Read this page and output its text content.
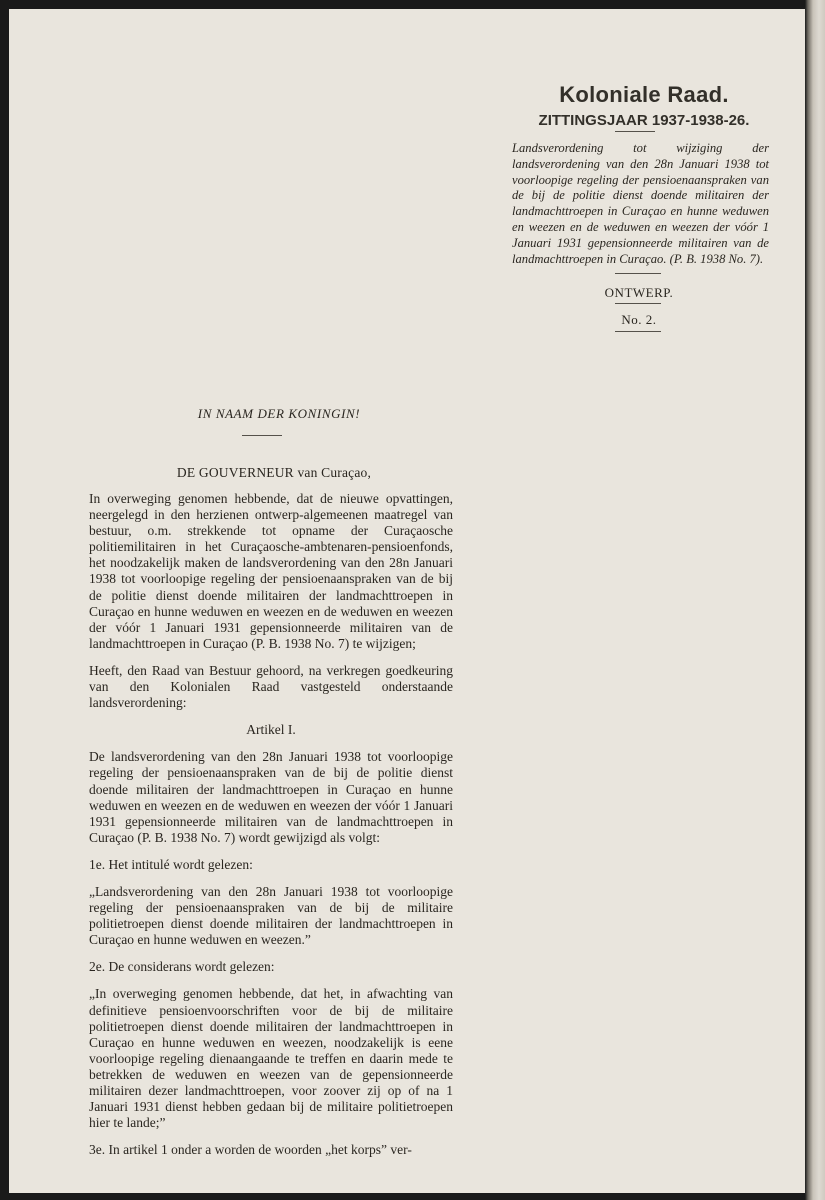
Koloniale Raad.
ZITTINGSJAAR 1937-1938-26.
Landsverordening tot wijziging der landsverordening van den 28n Januari 1938 tot voorloopige regeling der pensioenaanspraken van de bij de politie dienst doende militairen der landmachttroepen in Curaçao en hunne weduwen en weezen en de weduwen en weezen der vóór 1 Januari 1931 gepensionneerde militairen van de landmachttroepen in Curaçao. (P. B. 1938 No. 7).
ONTWERP.
No. 2.
IN NAAM DER KONINGIN!
DE GOUVERNEUR van Curaçao,

In overweging genomen hebbende, dat de nieuwe opvattingen, neergelegd in den herzienen ontwerp-algemeenen maatregel van bestuur, o.m. strekkende tot opname der Curaçaosche politiemilitairen in het Curaçaosche-ambtenaren-pensioenfonds, het noodzakelijk maken de landsverordening van den 28n Januari 1938 tot voorloopige regeling der pensioenaanspraken van de bij de politie dienst doende militairen der landmachttroepen in Curaçao en hunne weduwen en weezen en de weduwen en weezen der vóór 1 Januari 1931 gepensionneerde militairen van de landmachttroepen in Curaçao (P. B. 1938 No. 7) te wijzigen;

Heeft, den Raad van Bestuur gehoord, na verkregen goedkeuring van den Kolonialen Raad vastgesteld onderstaande landsverordening:

Artikel I.

De landsverordening van den 28n Januari 1938 tot voorloopige regeling der pensioenaanspraken van de bij de politie dienst doende militairen der landmachttroepen in Curaçao en hunne weduwen en weezen en de weduwen en weezen der vóór 1 Januari 1931 gepensionneerde militairen van de landmachttroepen in Curaçao (P. B. 1938 No. 7) wordt gewijzigd als volgt:

1e. Het intitulé wordt gelezen:

„Landsverordening van den 28n Januari 1938 tot voorloopige regeling der pensioenaanspraken van de bij de militaire politietroepen dienst doende militairen der landmachttroepen in Curaçao en hunne weduwen en weezen.”

2e. De considerans wordt gelezen:

„In overweging genomen hebbende, dat het, in afwachting van definitieve pensioenvoorschriften voor de bij de militaire politietroepen dienst doende militairen der landmachttroepen in Curaçao en hunne weduwen en weezen, noodzakelijk is eene voorloopige regeling dienaangaande te treffen en daarin mede te betrekken de weduwen en weezen van de gepensionneerde militairen dezer landmachttroepen, voor zoover zij op of na 1 Januari 1931 dienst hebben gedaan bij de militaire politietroepen hier te lande;”

3e. In artikel 1 onder a worden de woorden „het korps” ver-
